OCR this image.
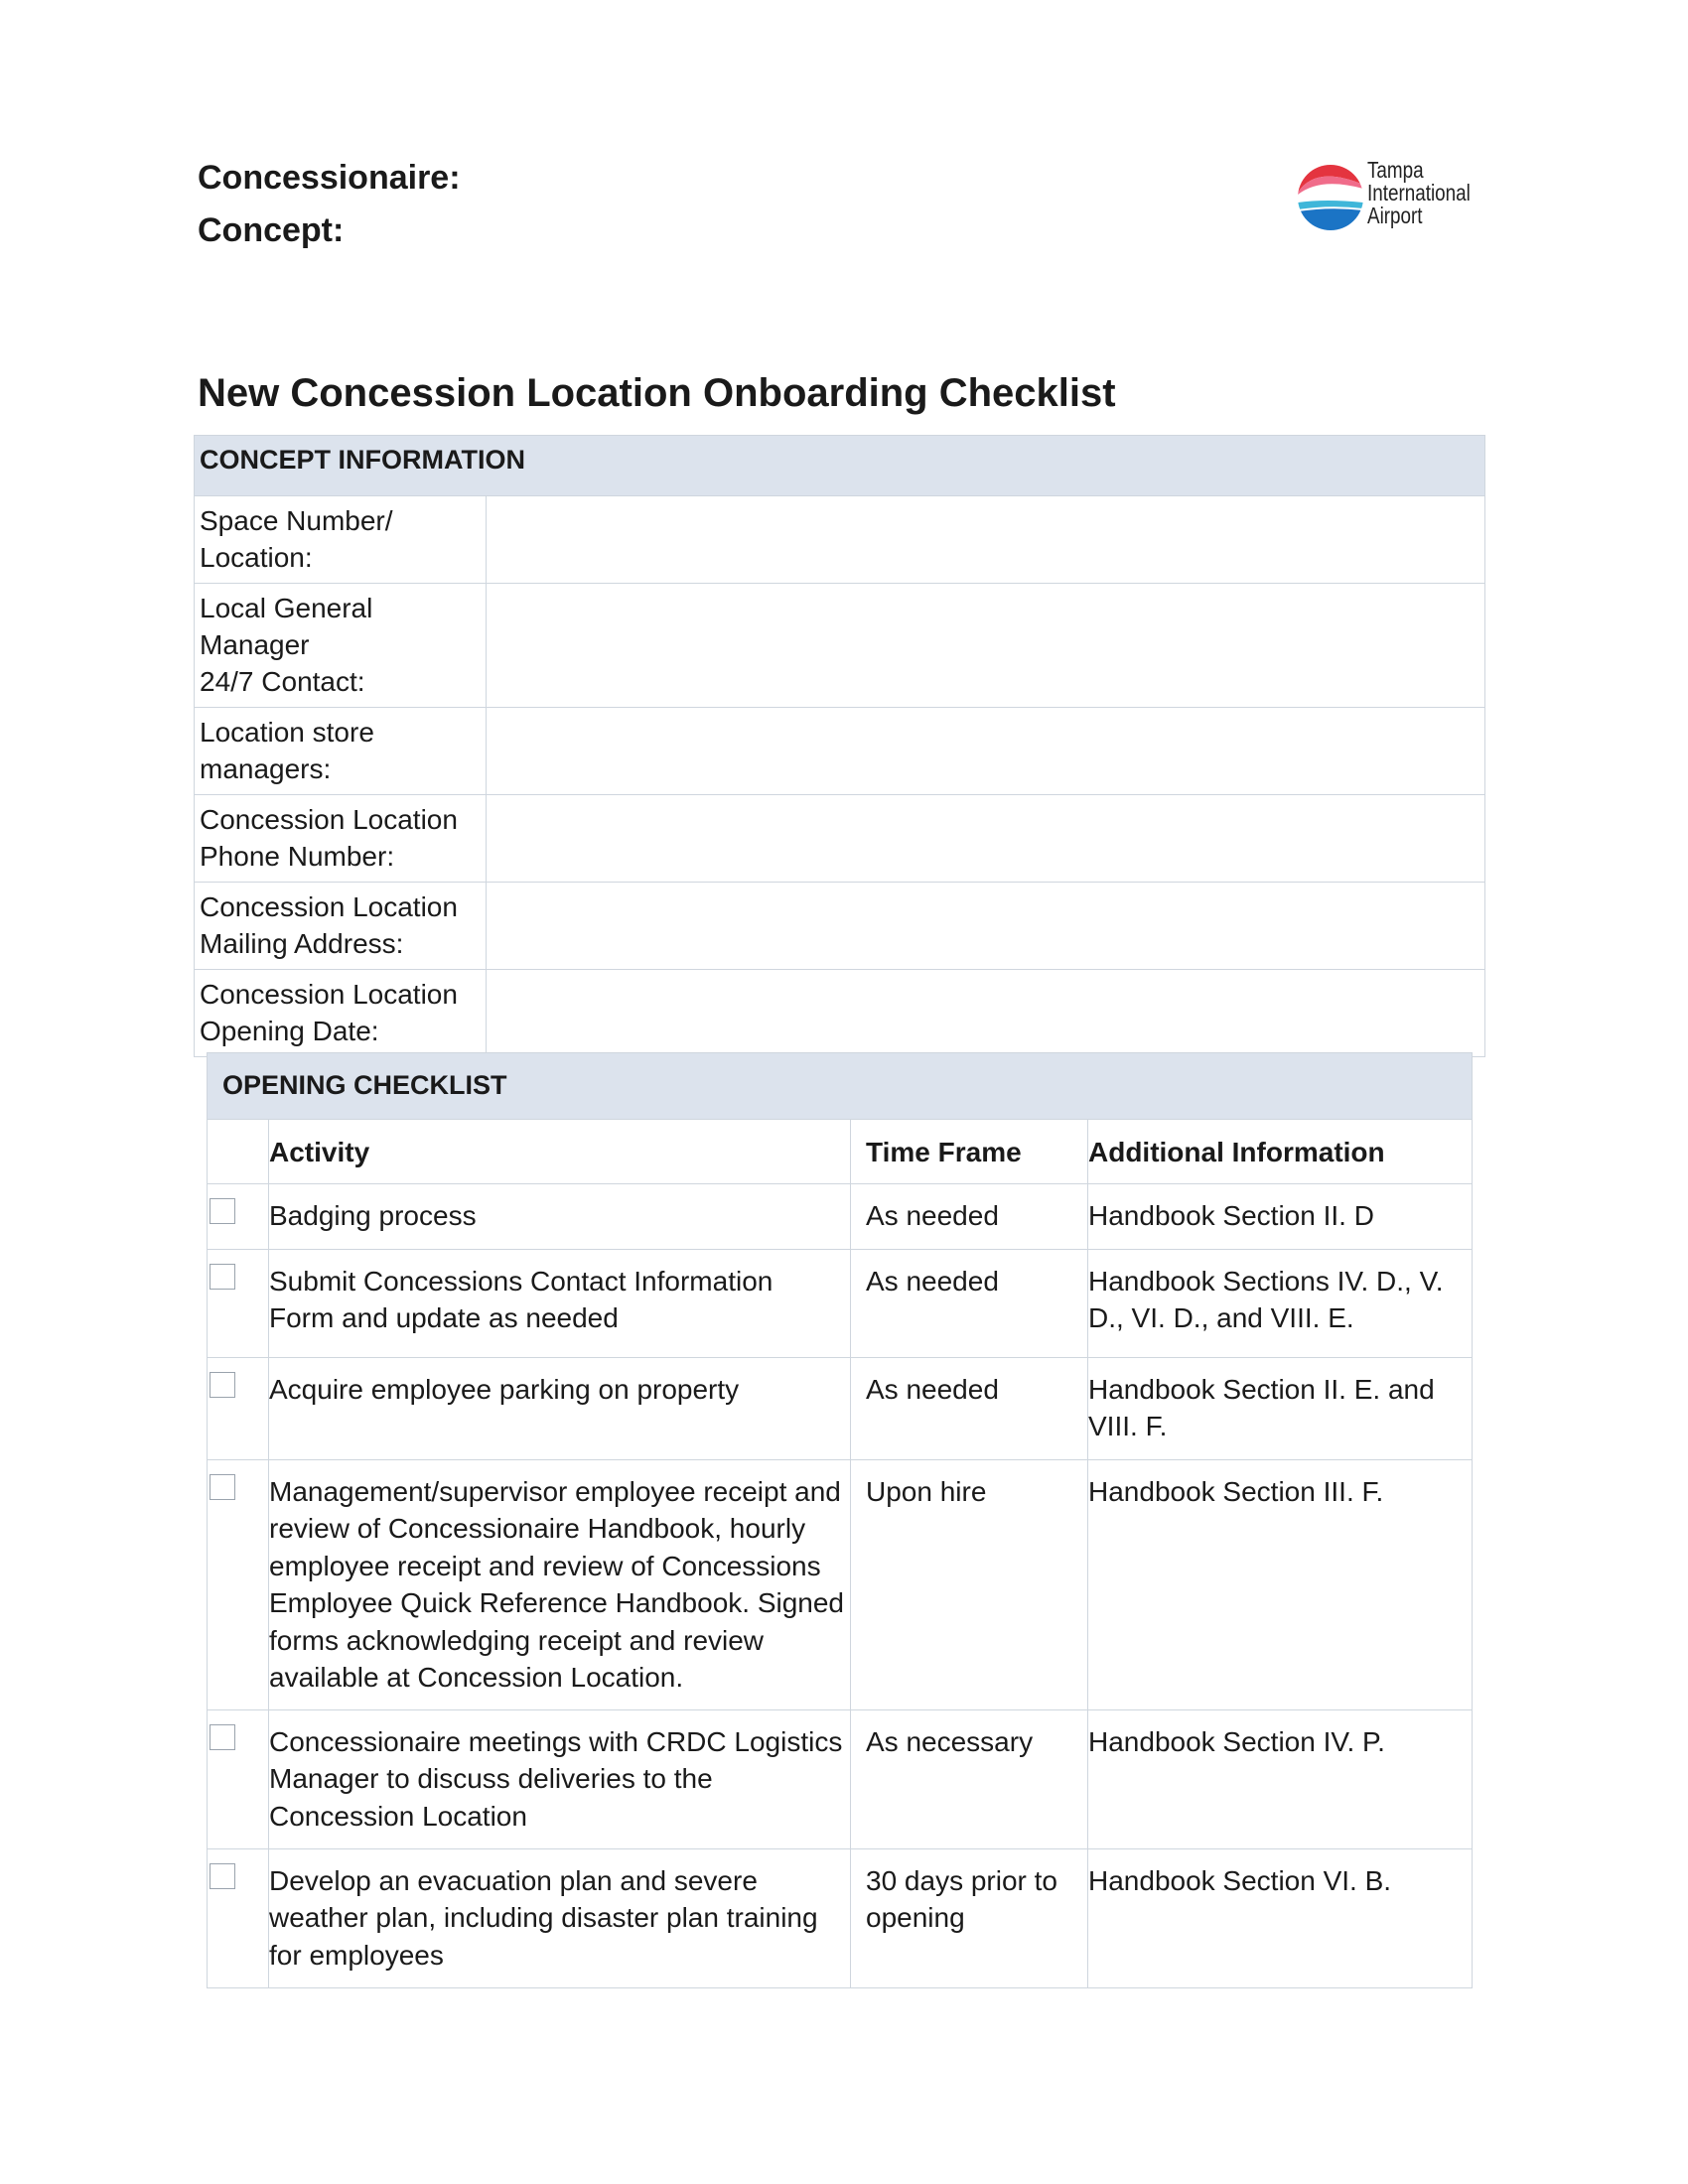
Concessionaire:

Concept:

Tampa
International
Airport
New Concession Location Onboarding Checklist
CONCEPT INFORMATION	
Space Number/
Location:	
Local General Manager
24/7 Contact:	
Location store
managers:	
Concession Location
Phone Number:	
Concession Location
Mailing Address:	
Concession Location
Opening Date:	
OPENING CHECKLIST			
	Activity	Time Frame	Additional Information

	Badging process	As needed	Handbook Section II. D

	Submit Concessions Contact Information Form and update as needed	As needed	Handbook Sections IV. D., V. D., VI. D., and VIII. E.

	Acquire employee parking on property	As needed	Handbook Section II. E. and VIII. F.

	Management/supervisor employee receipt and review of Concessionaire Handbook, hourly employee receipt and review of Concessions Employee Quick Reference Handbook. Signed forms acknowledging receipt and review available at Concession Location.	Upon hire	Handbook Section III. F.

	Concessionaire meetings with CRDC Logistics Manager to discuss deliveries to the Concession Location	As necessary	Handbook Section IV. P.

	Develop an evacuation plan and severe weather plan, including disaster plan training for employees	30 days prior to opening	Handbook Section VI. B.
